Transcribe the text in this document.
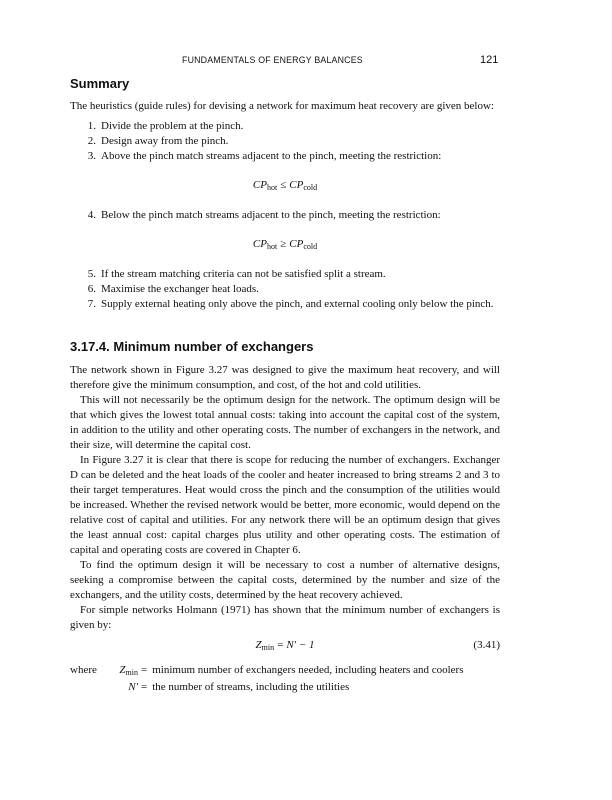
FUNDAMENTALS OF ENERGY BALANCES	121
Summary

The heuristics (guide rules) for devising a network for maximum heat recovery are given below:

1. Divide the problem at the pinch.
2. Design away from the pinch.
3. Above the pinch match streams adjacent to the pinch, meeting the restriction:
$CP_{hot} \le CP_{cold}$
4. Below the pinch match streams adjacent to the pinch, meeting the restriction:
$CP_{hot} \ge CP_{cold}$
5. If the stream matching criteria can not be satisfied split a stream.
6. Maximise the exchanger heat loads.
7. Supply external heating only above the pinch, and external cooling only below the pinch.
3.17.4. Minimum number of exchangers

The network shown in Figure 3.27 was designed to give the maximum heat recovery, and will therefore give the minimum consumption, and cost, of the hot and cold utilities.

This will not necessarily be the optimum design for the network. The optimum design will be that which gives the lowest total annual costs: taking into account the capital cost of the system, in addition to the utility and other operating costs. The number of exchangers in the network, and their size, will determine the capital cost.

In Figure 3.27 it is clear that there is scope for reducing the number of exchangers. Exchanger D can be deleted and the heat loads of the cooler and heater increased to bring streams 2 and 3 to their target temperatures. Heat would cross the pinch and the consumption of the utilities would be increased. Whether the revised network would be better, more economic, would depend on the relative cost of capital and utilities. For any network there will be an optimum design that gives the least annual cost: capital charges plus utility and other operating costs. The estimation of capital and operating costs are covered in Chapter 6.

To find the optimum design it will be necessary to cost a number of alternative designs, seeking a compromise between the capital costs, determined by the number and size of the exchangers, and the utility costs, determined by the heat recovery achieved.

For simple networks Holmann (1971) has shown that the minimum number of exchangers is given by:

$Z_{min} = N' - 1$	(3.41)
where	$Z_{min}$ = minimum number of exchangers needed, including heaters and coolers
N′ = the number of streams, including the utilities
